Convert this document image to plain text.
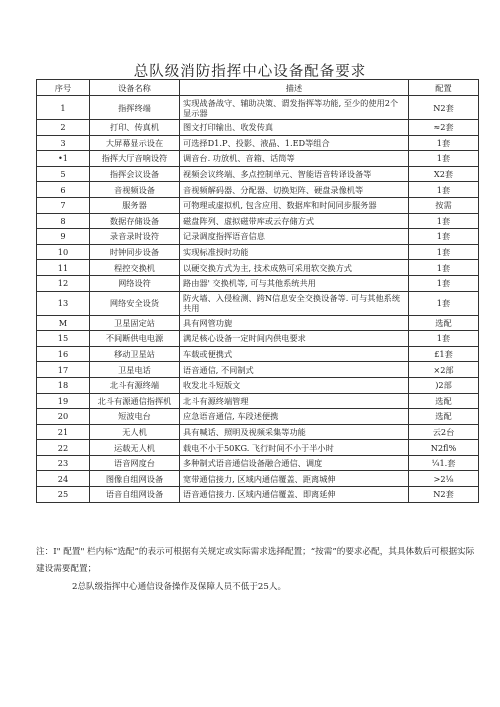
总队级消防指挥中心设备配备要求
序号	设备名称	描述	配置
1	指挥终端	实现战备战守、辅助决策、谓发指挥等功能, 至少的使用2个显示器	N2套
2	打印、传真机	图文打印输出、收发传真	≈2套
3	大屏幕显示设在	可选择D1.P、投影、液晶、1.ED等组合	1套
•1	指挥大厅音响设符	调音台. 功放机、音箱、话筒等	1套
5	指挥会议设备	视频会议终端、多点控制单元、智能语音转译设备等	X2套
6	音视频设备	音视频解码器、分配器、切换矩阵、硬盘录像机等	1套
7	服务器	可物理或虚拟机, 包含应用、数据库和时间同步服务器	按需
8	数据存储设备	磁盘阵列、虚拟磁带库或云存储方式	1套
9	录音录时设符	记录调度指挥语音信息	1套
10	时钟同步设备	实现标准授时功能	1套
11	程控交换机	以硬交换方式为主, 技术成熟可采用软交换方式	1套
12	网络设符	路由器' 交换机等, 可与其他系统共用	1套
13	网络安全设货	防火墙、入侵检测、跨N信息安全交换设备等. 可与其他系统共用	1套
M	卫星固定站	具有网管功旎	选配
15	不间断供电电源	满足核心设备一定时间内供电要求	1套
16	移动卫星站	车载或便携式	£1套
17	卫星电话	语音通信, 不同制式	×2部
18	北斗有源终端	收发北斗短版文	)2部
19	北斗有源通信指挥机	北斗有源终端管理	选配
20	短波电台	应急语音通信, 车段述便携	选配
21	无人机	具有喊话、照明及视频采集等功能	云2台
22	运载无人机	载电不小于50KG. 飞行时间不小于半小时	N2fl%
23	语音网度台	多种制式语音通信设备融合通信、调度	¼1.套
24	图像自组网设备	宽带通信接力, 区域内通信覆盖、距离城伸	>2⅛
25	语音自组网设备	语音通信接力. 区域内通信覆盖、即离延伸	N2套
注：I" 配置" 栏内标“选配”的表示可根据有关规定或实际需求选择配置；“按需”的要求必配，其具体数后可根据实际建设需要配置；
2总队级指挥中心通信设备操作及保障人员不低于25人。
